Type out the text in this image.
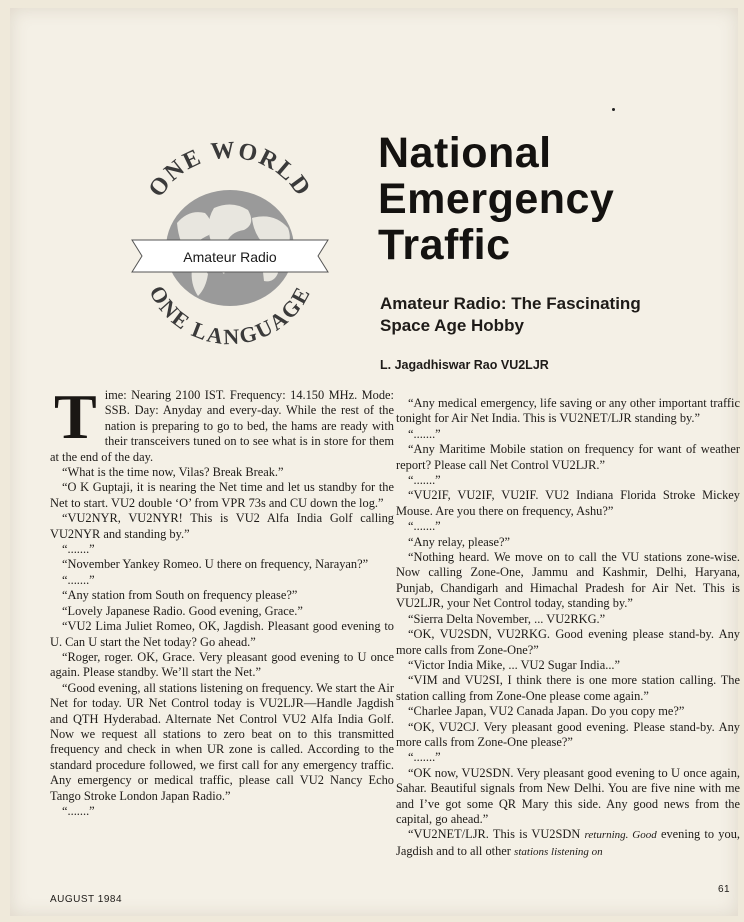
Amateur Radio
ONE WORLD
ONE LANGUAGE
National
Emergency
Traffic
Amateur Radio: The Fascinating
Space Age Hobby
L. Jagadhiswar Rao VU2LJR

Time: Nearing 2100 IST. Frequency: 14.150 MHz. Mode: SSB. Day: Anyday and every-day. While the rest of the nation is preparing to go to bed, the hams are ready with their transceivers tuned on to see what is in store for them at the end of the day.

“What is the time now, Vilas? Break Break.”

“O K Guptaji, it is nearing the Net time and let us standby for the Net to start. VU2 double ‘O’ from VPR 73s and CU down the log.”

“VU2NYR, VU2NYR! This is VU2 Alfa India Golf calling VU2NYR and standing by.”

“.......”

“November Yankey Romeo. U there on frequency, Narayan?”

“.......”

“Any station from South on frequency please?”

“Lovely Japanese Radio. Good evening, Grace.”

“VU2 Lima Juliet Romeo, OK, Jagdish. Pleasant good evening to U. Can U start the Net today? Go ahead.”

“Roger, roger. OK, Grace. Very pleasant good evening to U once again. Please standby. We’ll start the Net.”

“Good evening, all stations listening on frequency. We start the Air Net for today. UR Net Control today is VU2LJR—Handle Jagdish and QTH Hyderabad. Alternate Net Control VU2 Alfa India Golf. Now we request all stations to zero beat on to this transmitted frequency and check in when UR zone is called. According to the standard procedure followed, we first call for any emergency traffic. Any emergency or medical traffic, please call VU2 Nancy Echo Tango Stroke London Japan Radio.”

“.......”

“Any medical emergency, life saving or any other important traffic tonight for Air Net India. This is VU2NET/LJR standing by.”

“.......”

“Any Maritime Mobile station on frequency for want of weather report? Please call Net Control VU2LJR.”

“.......”

“VU2IF, VU2IF, VU2IF. VU2 Indiana Florida Stroke Mickey Mouse. Are you there on frequency, Ashu?”

“.......”

“Any relay, please?”

“Nothing heard. We move on to call the VU stations zone-wise. Now calling Zone-One, Jammu and Kashmir, Delhi, Haryana, Punjab, Chandigarh and Himachal Pradesh for Air Net. This is VU2LJR, your Net Control today, standing by.”

“Sierra Delta November, ... VU2RKG.”

“OK, VU2SDN, VU2RKG. Good evening please stand-by. Any more calls from Zone-One?”

“Victor India Mike, ... VU2 Sugar India...”

“VIM and VU2SI, I think there is one more station calling. The station calling from Zone-One please come again.”

“Charlee Japan, VU2 Canada Japan. Do you copy me?”

“OK, VU2CJ. Very pleasant good evening. Please stand-by. Any more calls from Zone-One please?”

“.......”

“OK now, VU2SDN. Very pleasant good evening to U once again, Sahar. Beautiful signals from New Delhi. You are five nine with me and I’ve got some QR Mary this side. Any good news from the capital, go ahead.”

“VU2NET/LJR. This is VU2SDN returning. Good evening to you, Jagdish and to all other stations listening on

AUGUST 1984
61
